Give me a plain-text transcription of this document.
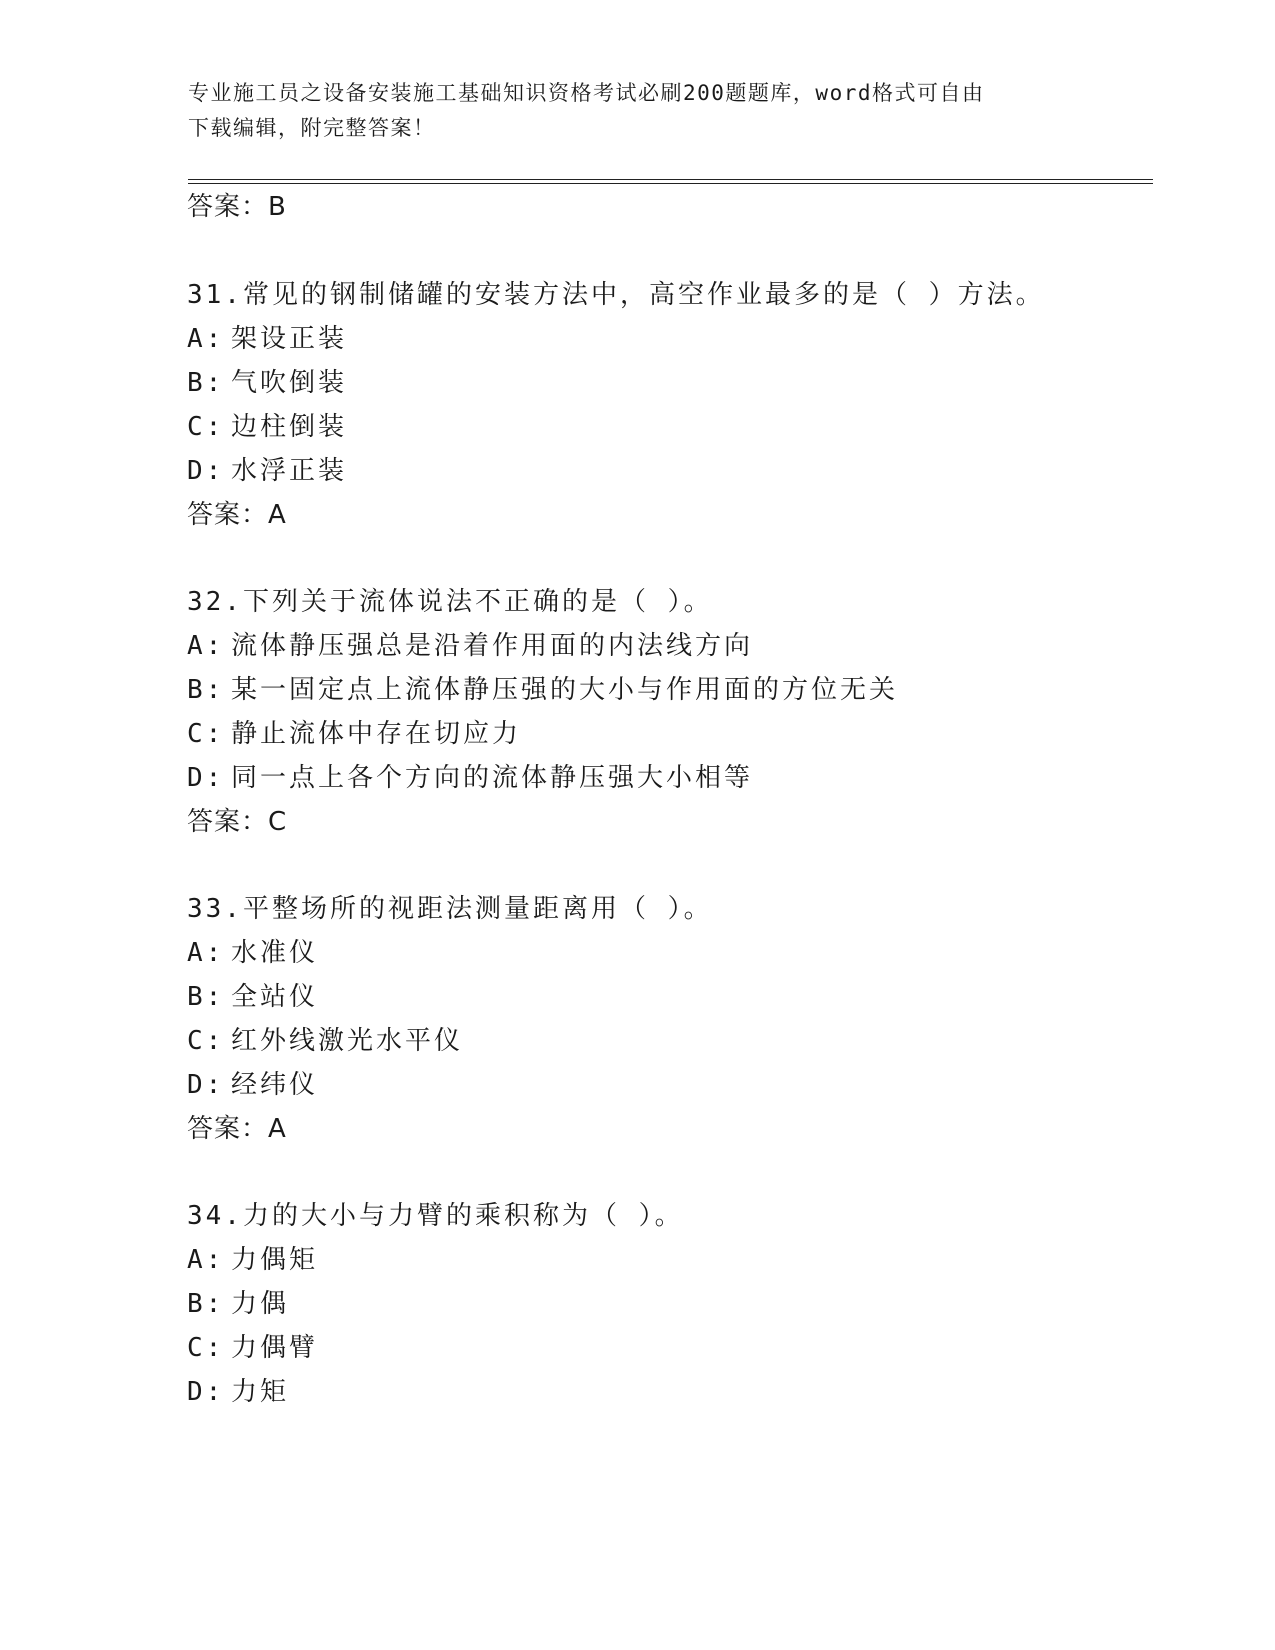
专业施工员之设备安装施工基础知识资格考试必刷200题题库，word格式可自由
下载编辑，附完整答案！
答案：B
31.常见的钢制储罐的安装方法中，高空作业最多的是（ ）方法。
A: 架设正装
B: 气吹倒装
C: 边柱倒装
D: 水浮正装
答案：A
32.下列关于流体说法不正确的是（ ）。
A: 流体静压强总是沿着作用面的内法线方向
B: 某一固定点上流体静压强的大小与作用面的方位无关
C: 静止流体中存在切应力
D: 同一点上各个方向的流体静压强大小相等
答案：C
33.平整场所的视距法测量距离用（ ）。
A: 水准仪
B: 全站仪
C: 红外线激光水平仪
D: 经纬仪
答案：A
34.力的大小与力臂的乘积称为（ ）。
A: 力偶矩
B: 力偶
C: 力偶臂
D: 力矩
